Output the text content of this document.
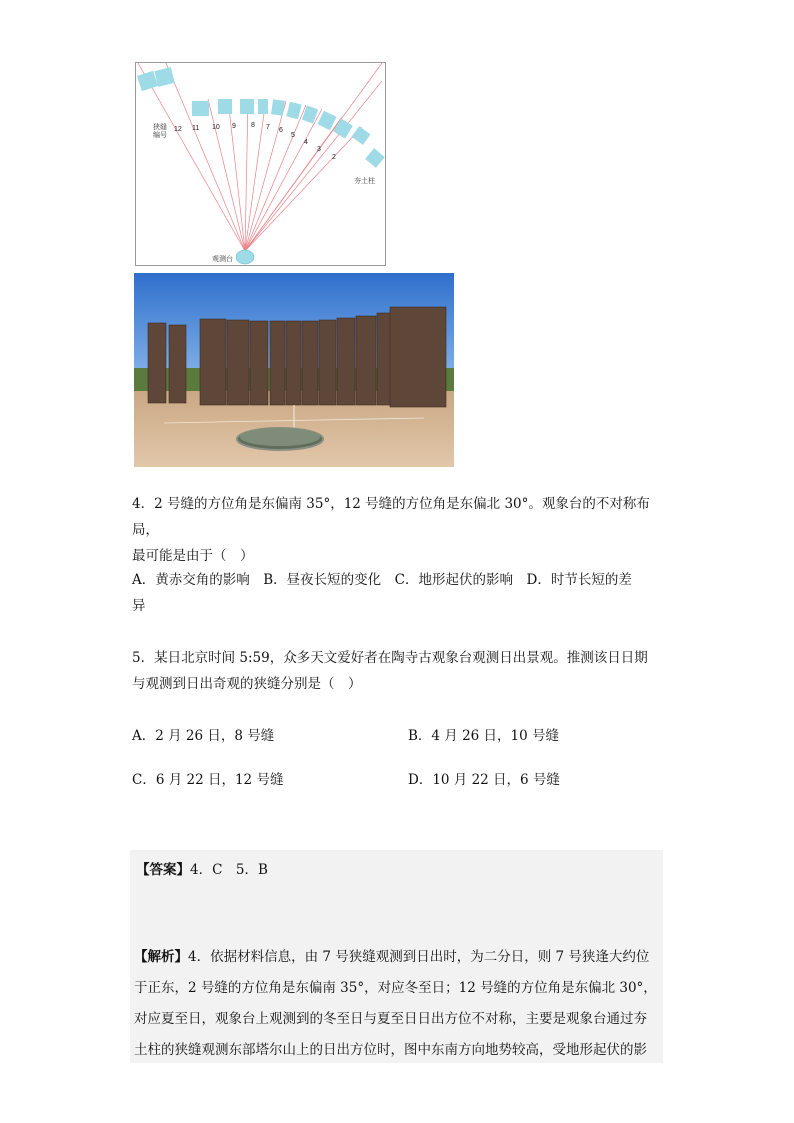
12 11 10 9 8 7 6
5
4
3
2
狭缝
编号
夯土柱
观测台
4．2 号缝的方位角是东偏南 35°，12 号缝的方位角是东偏北 30°。观象台的不对称布局，
最可能是由于（　）
A．黄赤交角的影响　B．昼夜长短的变化　C．地形起伏的影响　D．时节长短的差
异
5．某日北京时间 5:59，众多天文爱好者在陶寺古观象台观测日出景观。推测该日日期
与观测到日出奇观的狭缝分别是（　）
A．2 月 26 日，8 号缝	B．4 月 26 日，10 号缝
C．6 月 22 日，12 号缝	D．10 月 22 日，6 号缝
【答案】4．C　5．B
【解析】4．依据材料信息，由 7 号狭缝观测到日出时，为二分日，则 7 号狭逢大约位
于正东，2 号缝的方位角是东偏南 35°，对应冬至日；12 号缝的方位角是东偏北 30°，
对应夏至日，观象台上观测到的冬至日与夏至日日出方位不对称，主要是观象台通过夯
土柱的狭缝观测东部塔尔山上的日出方位时，图中东南方向地势较高，受地形起伏的影
